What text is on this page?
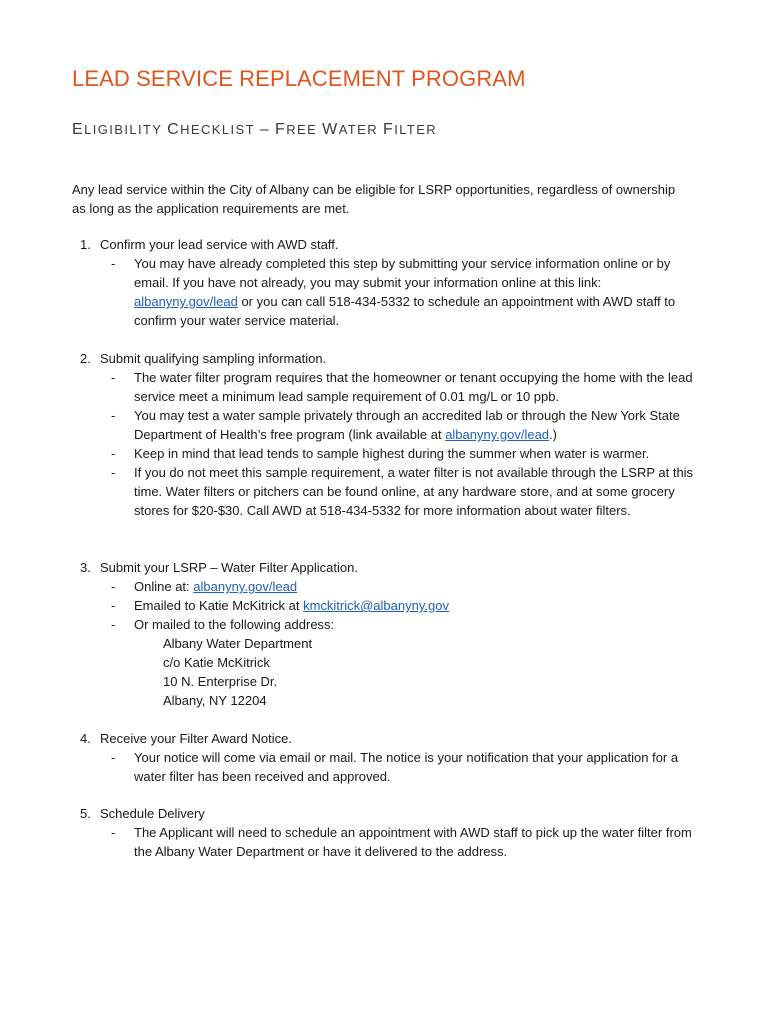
LEAD SERVICE REPLACEMENT PROGRAM
ELIGIBILITY CHECKLIST – FREE WATER FILTER
Any lead service within the City of Albany can be eligible for LSRP opportunities, regardless of ownership as long as the application requirements are met.
1. Confirm your lead service with AWD staff.
-	You may have already completed this step by submitting your service information online or by email. If you have not already, you may submit your information online at this link: albanyny.gov/lead or you can call 518-434-5332 to schedule an appointment with AWD staff to confirm your water service material.
2. Submit qualifying sampling information.
-	The water filter program requires that the homeowner or tenant occupying the home with the lead service meet a minimum lead sample requirement of 0.01 mg/L or 10 ppb.
-	You may test a water sample privately through an accredited lab or through the New York State Department of Health’s free program (link available at albanyny.gov/lead.)
-	Keep in mind that lead tends to sample highest during the summer when water is warmer.
-	If you do not meet this sample requirement, a water filter is not available through the LSRP at this time. Water filters or pitchers can be found online, at any hardware store, and at some grocery stores for $20-$30. Call AWD at 518-434-5332 for more information about water filters.
3. Submit your LSRP – Water Filter Application.
-	Online at: albanyny.gov/lead
-	Emailed to Katie McKitrick at kmckitrick@albanyny.gov
-	Or mailed to the following address:
Albany Water Department
c/o Katie McKitrick
10 N. Enterprise Dr.
Albany, NY 12204
4. Receive your Filter Award Notice.
-	Your notice will come via email or mail. The notice is your notification that your application for a water filter has been received and approved.
5. Schedule Delivery
-	The Applicant will need to schedule an appointment with AWD staff to pick up the water filter from the Albany Water Department or have it delivered to the address.
